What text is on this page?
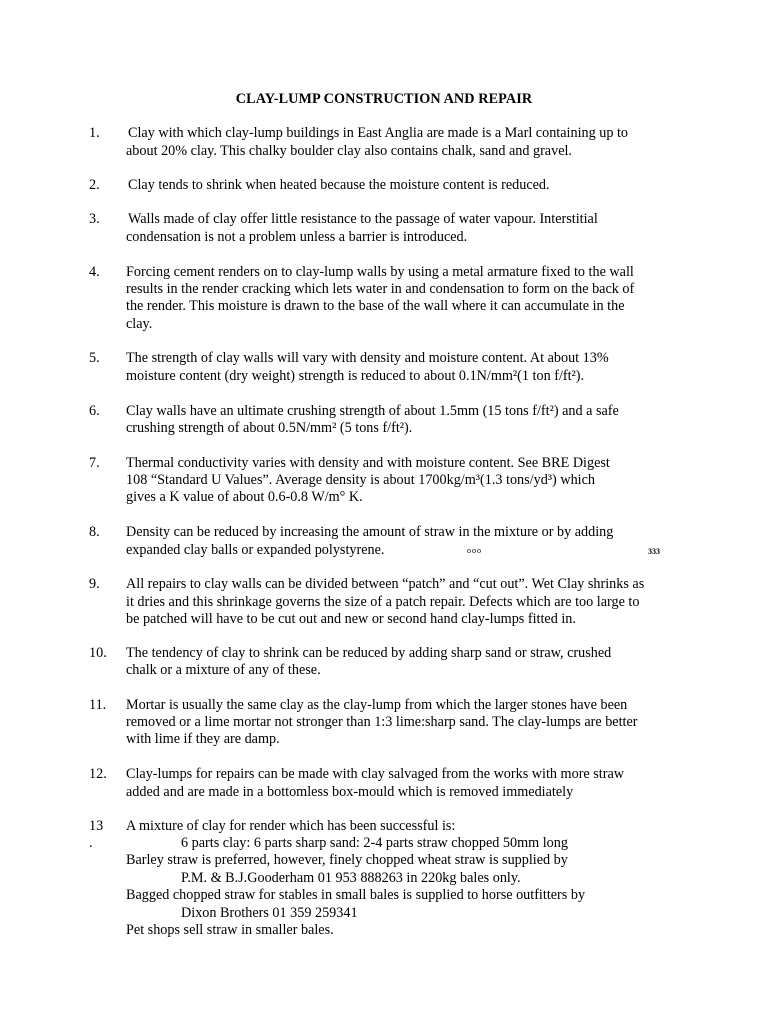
CLAY-LUMP CONSTRUCTION AND REPAIR
1. Clay with which clay-lump buildings in East Anglia are made is a Marl containing up to
about 20% clay. This chalky boulder clay also contains chalk, sand and gravel.
2. Clay tends to shrink when heated because the moisture content is reduced.
3. Walls made of clay offer little resistance to the passage of water vapour. Interstitial
condensation is not a problem unless a barrier is introduced.
4. Forcing cement renders on to clay-lump walls by using a metal armature fixed to the wall
results in the render cracking which lets water in and condensation to form on the back of
the render. This moisture is drawn to the base of the wall where it can accumulate in the
clay.
5. The strength of clay walls will vary with density and moisture content. At about 13%
moisture content (dry weight) strength is reduced to about 0.1N/mm²(1 ton f/ft²).
6. Clay walls have an ultimate crushing strength of about 1.5mm (15 tons f/ft²) and a safe
crushing strength of about 0.5N/mm² (5 tons f/ft²).
7. Thermal conductivity varies with density and with moisture content. See BRE Digest
108 “Standard U Values”. Average density is about 1700kg/m³(1.3 tons/yd³) which
gives a K value of about 0.6-0.8 W/m° K.
8. Density can be reduced by increasing the amount of straw in the mixture or by adding
expanded clay balls or expanded polystyrene.	ooo	333
9. All repairs to clay walls can be divided between “patch” and “cut out”. Wet Clay shrinks as
it dries and this shrinkage governs the size of a patch repair. Defects which are too large to
be patched will have to be cut out and new or second hand clay-lumps fitted in.
10. The tendency of clay to shrink can be reduced by adding sharp sand or straw, crushed
chalk or a mixture of any of these.
11. Mortar is usually the same clay as the clay-lump from which the larger stones have been
removed or a lime mortar not stronger than 1:3 lime:sharp sand. The clay-lumps are better
with lime if they are damp.
12. Clay-lumps for repairs can be made with clay salvaged from the works with more straw
added and are made in a bottomless box-mould which is removed immediately
13
.
A mixture of clay for render which has been successful is:
6 parts clay: 6 parts sharp sand: 2-4 parts straw chopped 50mm long
Barley straw is preferred, however, finely chopped wheat straw is supplied by
P.M. & B.J.Gooderham 01 953 888263 in 220kg bales only.
Bagged chopped straw for stables in small bales is supplied to horse outfitters by
Dixon Brothers 01 359 259341
Pet shops sell straw in smaller bales.
